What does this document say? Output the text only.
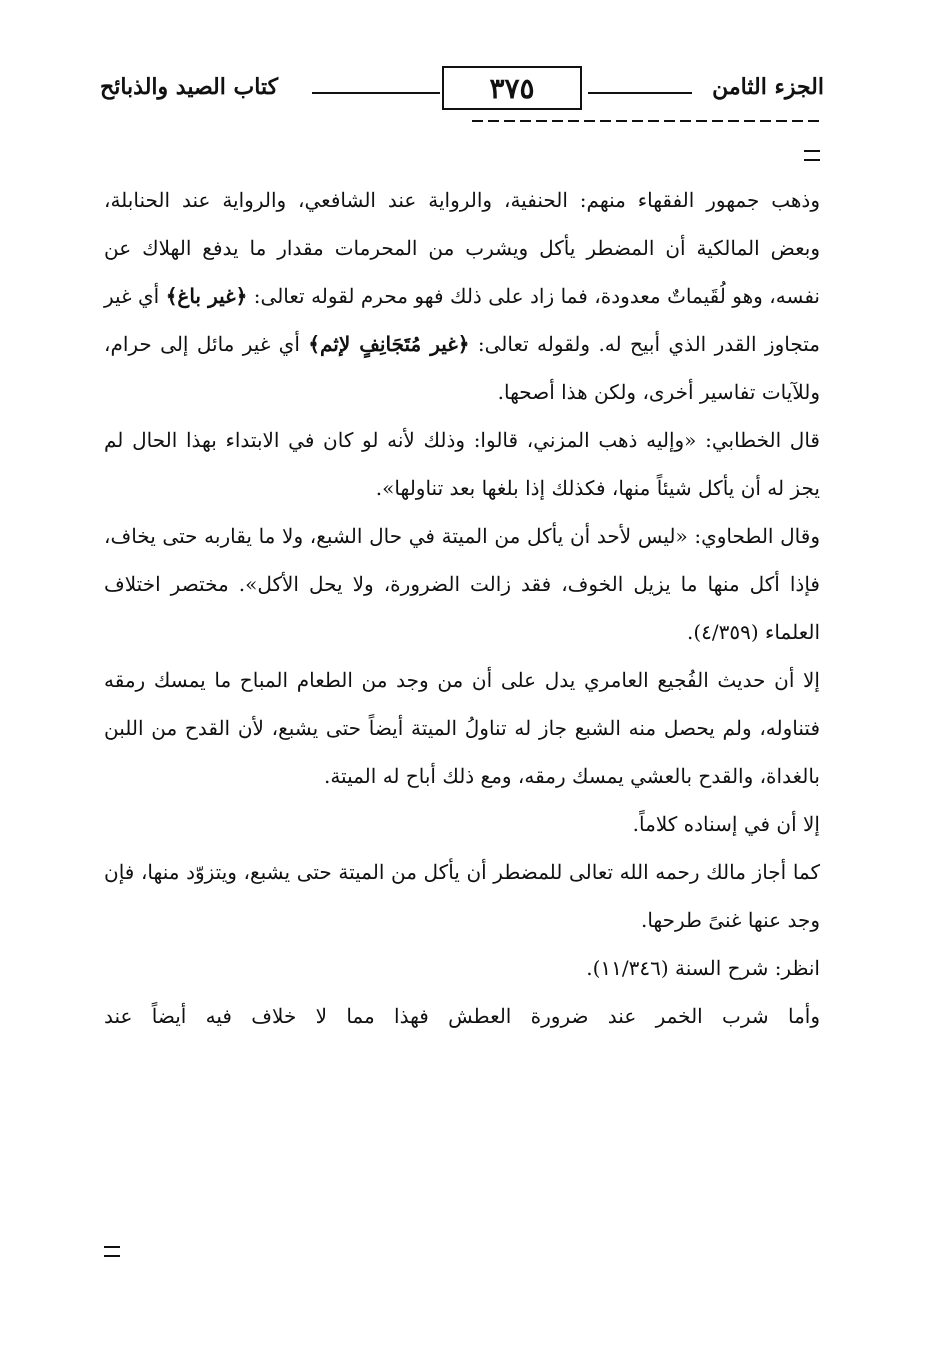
كتاب الصيد والذبائح	٣٧٥	الجزء الثامن

وذهب جمهور الفقهاء منهم: الحنفية، والرواية عند الشافعي، والرواية عند الحنابلة، وبعض المالكية أن المضطر يأكل ويشرب من المحرمات مقدار ما يدفع الهلاك عن نفسه، وهو لُقَيماتٌ معدودة، فما زاد على ذلك فهو محرم لقوله تعالى: ﴿غير باغ﴾ أي غير متجاوز القدر الذي أبيح له. ولقوله تعالى: ﴿غير مُتَجَانِفٍ لإثم﴾ أي غير مائل إلى حرام، وللآيات تفاسير أخرى، ولكن هذا أصحها.

قال الخطابي: «وإليه ذهب المزني، قالوا: وذلك لأنه لو كان في الابتداء بهذا الحال لم يجز له أن يأكل شيئاً منها، فكذلك إذا بلغها بعد تناولها».

وقال الطحاوي: «ليس لأحد أن يأكل من الميتة في حال الشبع، ولا ما يقاربه حتى يخاف، فإذا أكل منها ما يزيل الخوف، فقد زالت الضرورة، ولا يحل الأكل». مختصر اختلاف العلماء (٤/٣٥٩).

إلا أن حديث الفُجيع العامري يدل على أن من وجد من الطعام المباح ما يمسك رمقه فتناوله، ولم يحصل منه الشبع جاز له تناولُ الميتة أيضاً حتى يشبع، لأن القدح من اللبن بالغداة، والقدح بالعشي يمسك رمقه، ومع ذلك أباح له الميتة.

إلا أن في إسناده كلاماً.

كما أجاز مالك رحمه الله تعالى للمضطر أن يأكل من الميتة حتى يشبع، ويتزوّد منها، فإن وجد عنها غنىً طرحها.

انظر: شرح السنة (١١/٣٤٦).

وأما شرب الخمر عند ضرورة العطش فهذا مما لا خلاف فيه أيضاً عند
